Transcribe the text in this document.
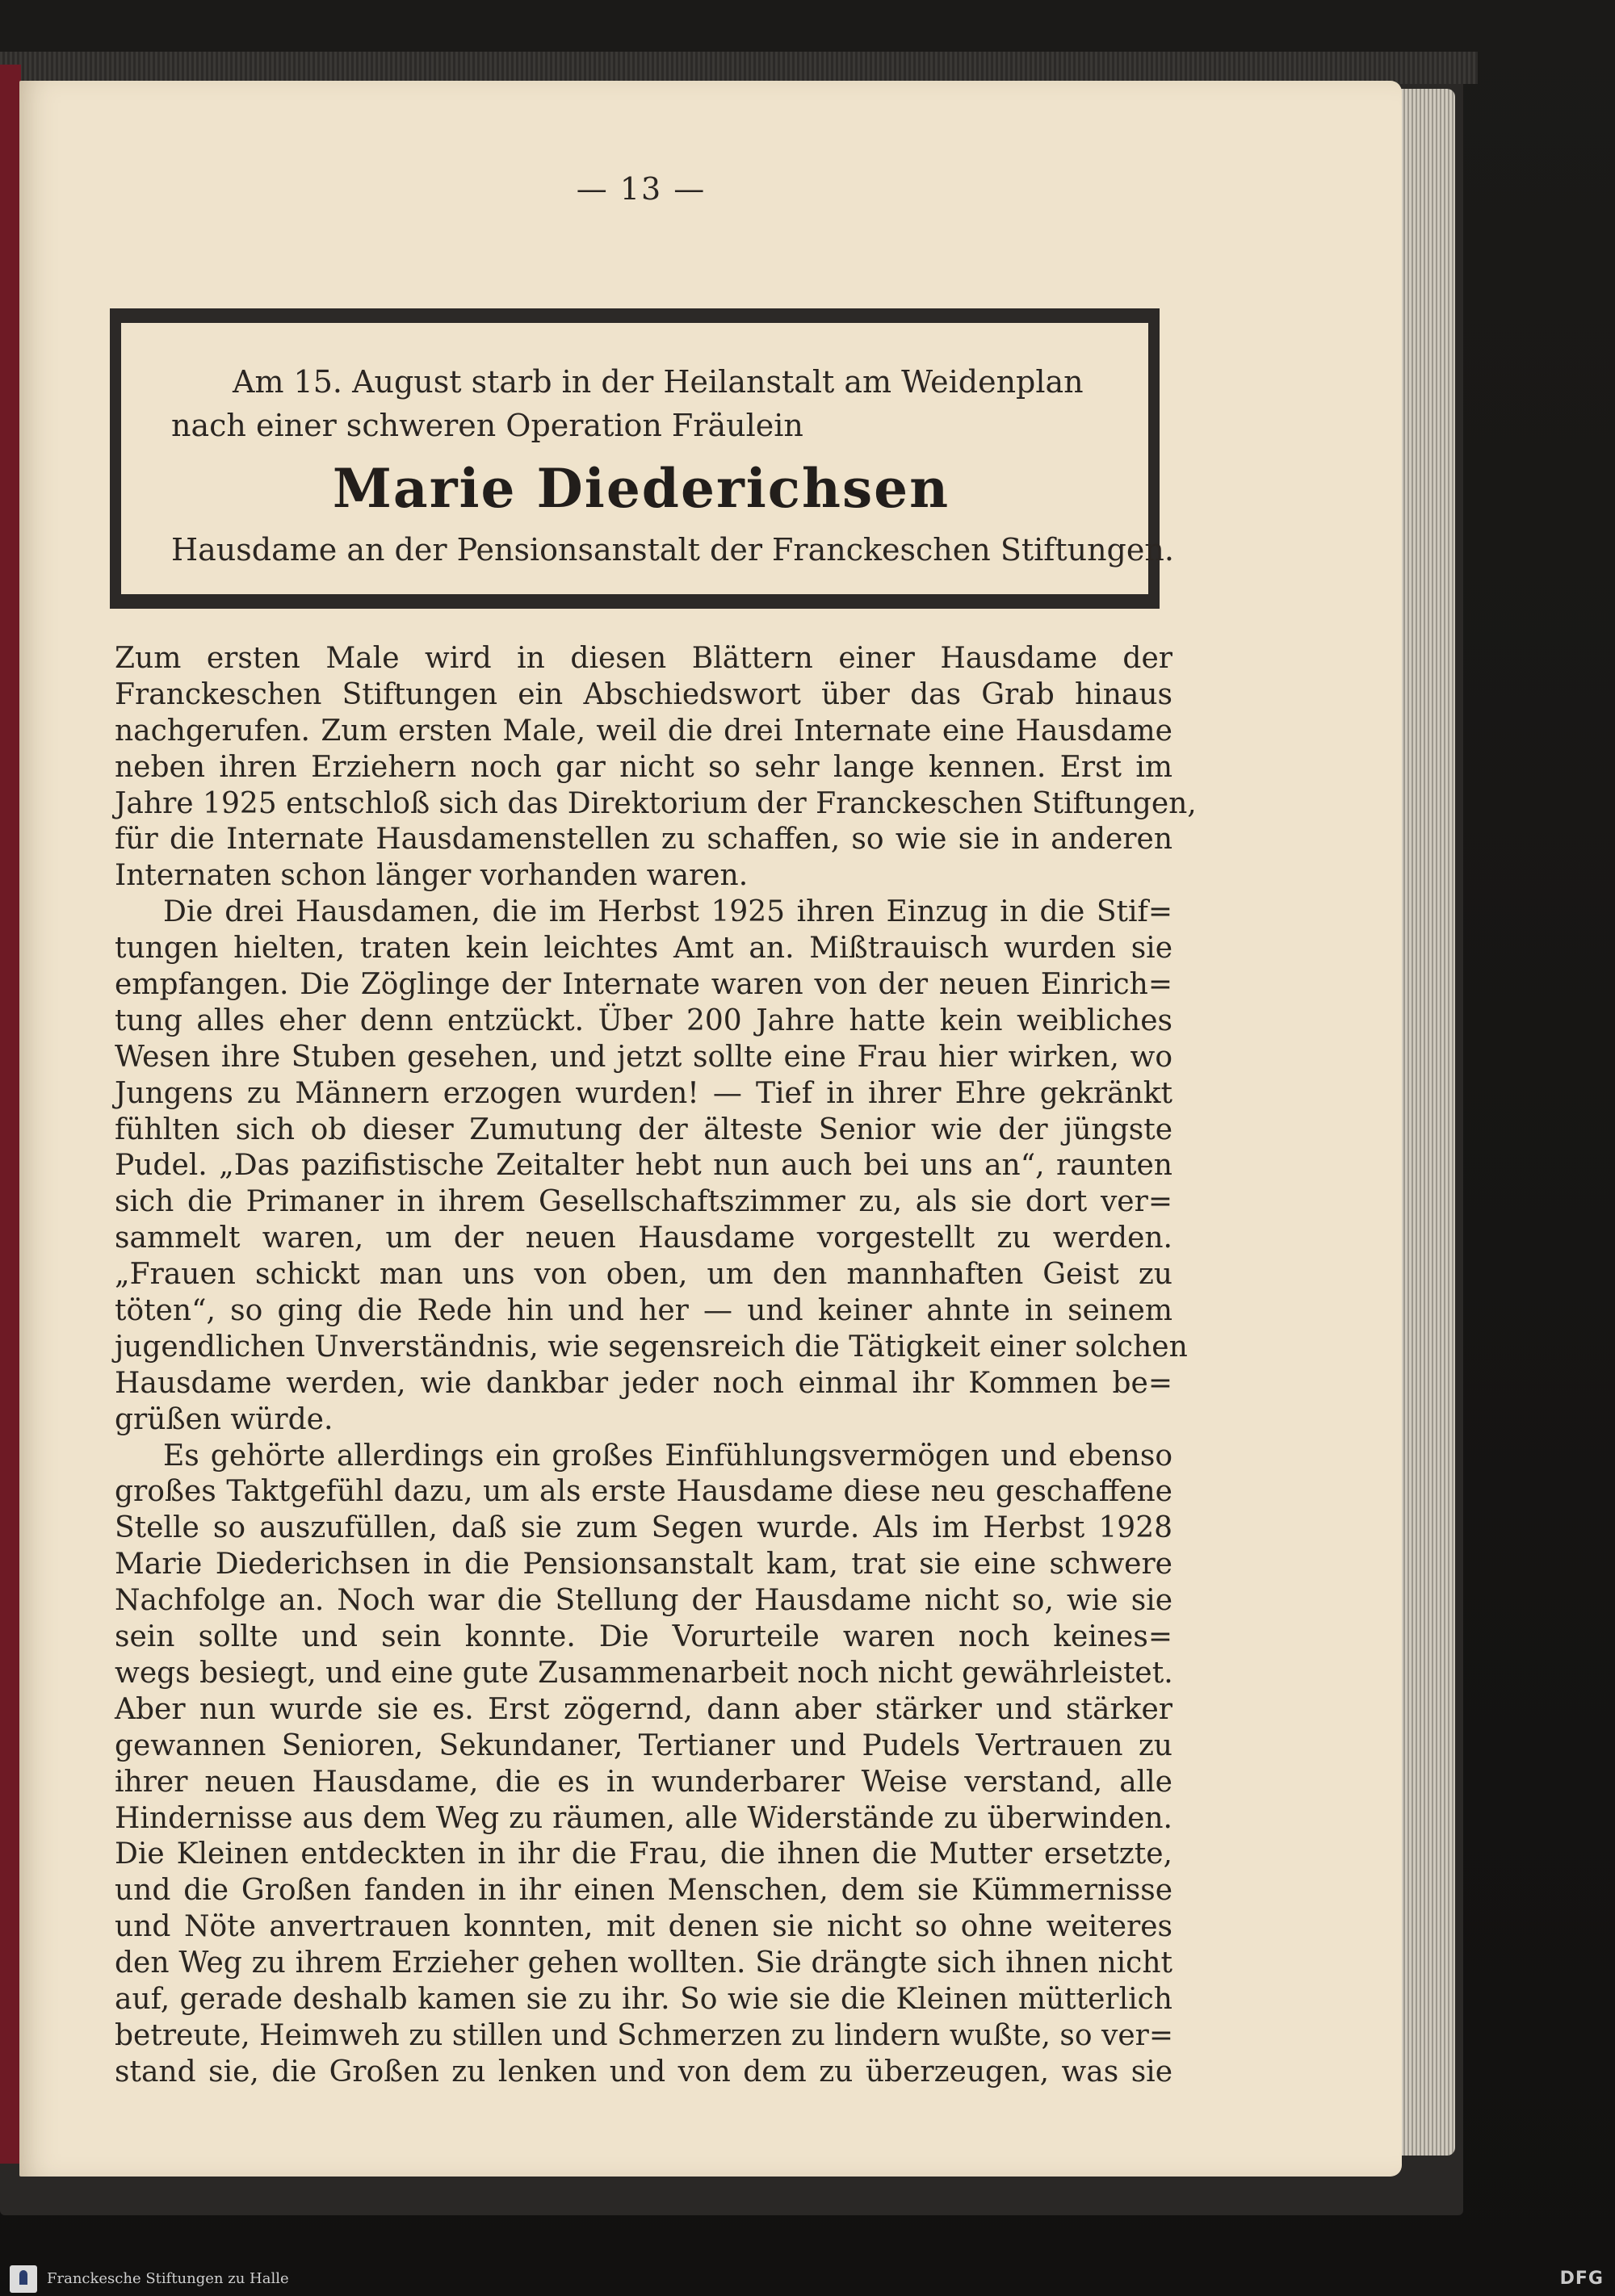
— 13 —

Am 15. August starb in der Heilanstalt am Weidenplan nach einer schweren Operation Fräulein

Marie Diederichsen

Hausdame an der Pensionsanstalt der Franckeschen Stiftungen.

Zum ersten Male wird in diesen Blättern einer Hausdame der
Franckeschen Stiftungen ein Abschiedswort über das Grab hinaus
nachgerufen. Zum ersten Male, weil die drei Internate eine Hausdame
neben ihren Erziehern noch gar nicht so sehr lange kennen. Erst im
Jahre 1925 entschloß sich das Direktorium der Franckeschen Stiftungen,
für die Internate Hausdamenstellen zu schaffen, so wie sie in anderen
Internaten schon länger vorhanden waren.
Die drei Hausdamen, die im Herbst 1925 ihren Einzug in die Stif=
tungen hielten, traten kein leichtes Amt an. Mißtrauisch wurden sie
empfangen. Die Zöglinge der Internate waren von der neuen Einrich=
tung alles eher denn entzückt. Über 200 Jahre hatte kein weibliches
Wesen ihre Stuben gesehen, und jetzt sollte eine Frau hier wirken, wo
Jungens zu Männern erzogen wurden! — Tief in ihrer Ehre gekränkt
fühlten sich ob dieser Zumutung der älteste Senior wie der jüngste
Pudel. „Das pazifistische Zeitalter hebt nun auch bei uns an“, raunten
sich die Primaner in ihrem Gesellschaftszimmer zu, als sie dort ver=
sammelt waren, um der neuen Hausdame vorgestellt zu werden.
„Frauen schickt man uns von oben, um den mannhaften Geist zu
töten“, so ging die Rede hin und her — und keiner ahnte in seinem
jugendlichen Unverständnis, wie segensreich die Tätigkeit einer solchen
Hausdame werden, wie dankbar jeder noch einmal ihr Kommen be=
grüßen würde.
Es gehörte allerdings ein großes Einfühlungsvermögen und ebenso
großes Taktgefühl dazu, um als erste Hausdame diese neu geschaffene
Stelle so auszufüllen, daß sie zum Segen wurde. Als im Herbst 1928
Marie Diederichsen in die Pensionsanstalt kam, trat sie eine schwere
Nachfolge an. Noch war die Stellung der Hausdame nicht so, wie sie
sein sollte und sein konnte. Die Vorurteile waren noch keines=
wegs besiegt, und eine gute Zusammenarbeit noch nicht gewährleistet.
Aber nun wurde sie es. Erst zögernd, dann aber stärker und stärker
gewannen Senioren, Sekundaner, Tertianer und Pudels Vertrauen zu
ihrer neuen Hausdame, die es in wunderbarer Weise verstand, alle
Hindernisse aus dem Weg zu räumen, alle Widerstände zu überwinden.
Die Kleinen entdeckten in ihr die Frau, die ihnen die Mutter ersetzte,
und die Großen fanden in ihr einen Menschen, dem sie Kümmernisse
und Nöte anvertrauen konnten, mit denen sie nicht so ohne weiteres
den Weg zu ihrem Erzieher gehen wollten. Sie drängte sich ihnen nicht
auf, gerade deshalb kamen sie zu ihr. So wie sie die Kleinen mütterlich
betreute, Heimweh zu stillen und Schmerzen zu lindern wußte, so ver=
stand sie, die Großen zu lenken und von dem zu überzeugen, was sie
Franckesche Stiftungen zu Halle	DFG
